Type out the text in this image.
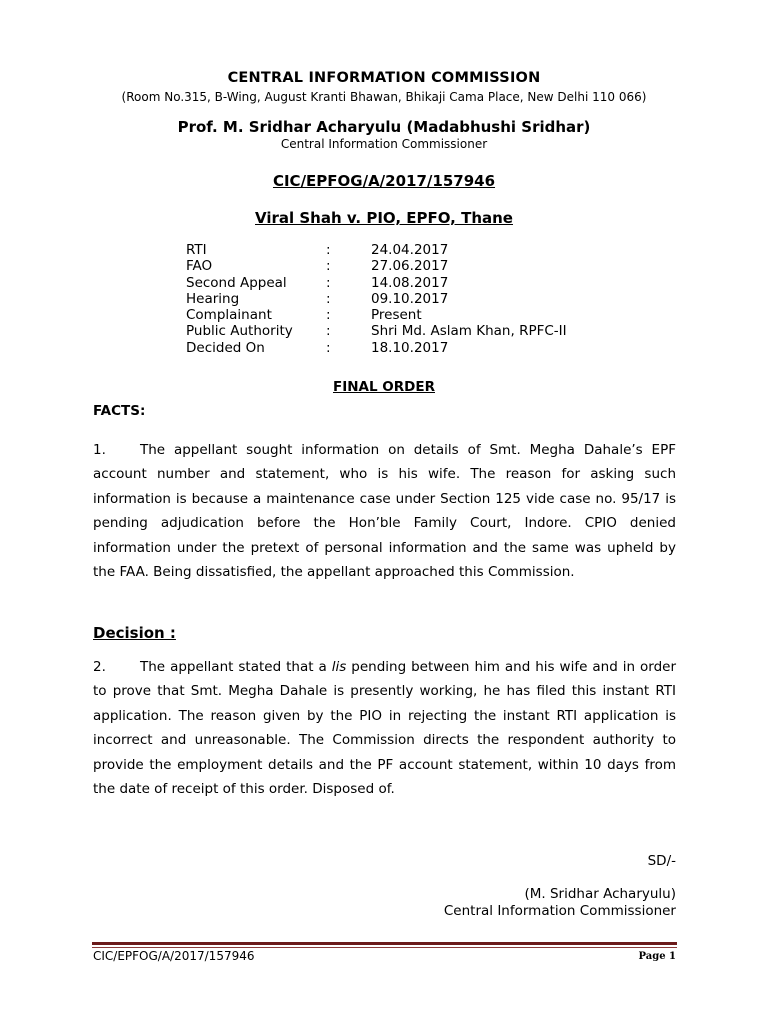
CENTRAL INFORMATION COMMISSION
(Room No.315, B-Wing, August Kranti Bhawan, Bhikaji Cama Place, New Delhi 110 066)
Prof. M. Sridhar Acharyulu (Madabhushi Sridhar)
Central Information Commissioner
CIC/EPFOG/A/2017/157946
Viral Shah v. PIO, EPFO, Thane
RTI	:	24.04.2017
FAO	:	27.06.2017
Second Appeal	:	14.08.2017
Hearing	:	09.10.2017
Complainant	:	Present
Public Authority :	Shri Md. Aslam Khan, RPFC-II
Decided On	:	18.10.2017
FINAL ORDER
FACTS:
1.	The appellant sought information on details of Smt. Megha Dahale’s EPF account number and statement, who is his wife. The reason for asking such information is because a maintenance case under Section 125 vide case no. 95/17 is pending adjudication before the Hon’ble Family Court, Indore. CPIO denied information under the pretext of personal information and the same was upheld by the FAA. Being dissatisfied, the appellant approached this Commission.
Decision :
2.	The appellant stated that a lis pending between him and his wife and in order to prove that Smt. Megha Dahale is presently working, he has filed this instant RTI application. The reason given by the PIO in rejecting the instant RTI application is incorrect and unreasonable. The Commission directs the respondent authority to provide the employment details and the PF account statement, within 10 days from the date of receipt of this order. Disposed of.
SD/-
(M. Sridhar Acharyulu)
Central Information Commissioner
CIC/EPFOG/A/2017/157946	Page 1
